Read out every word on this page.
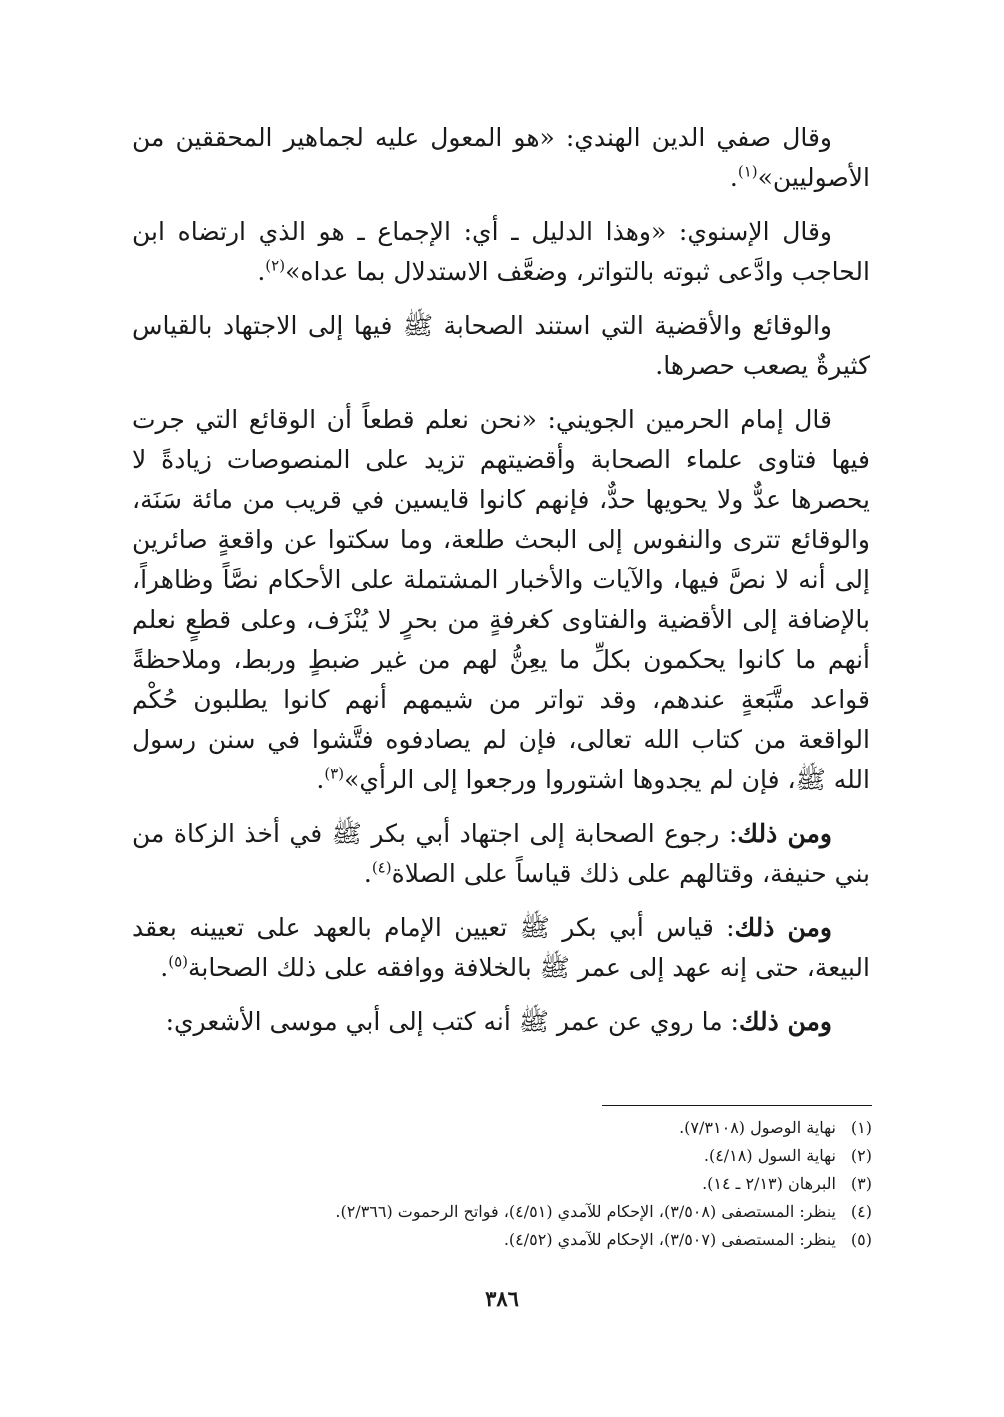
وقال صفي الدين الهندي: «هو المعول عليه لجماهير المحققين من الأصوليين»$^{(١)}$.

وقال الإسنوي: «وهذا الدليل ـ أي: الإجماع ـ هو الذي ارتضاه ابن الحاجب وادَّعى ثبوته بالتواتر، وضعَّف الاستدلال بما عداه»$^{(٢)}$.

والوقائع والأقضية التي استند الصحابة ﷺ فيها إلى الاجتهاد بالقياس كثيرةٌ يصعب حصرها.

قال إمام الحرمين الجويني: «نحن نعلم قطعاً أن الوقائع التي جرت فيها فتاوى علماء الصحابة وأقضيتهم تزيد على المنصوصات زيادةً لا يحصرها عدٌّ ولا يحويها حدٌّ، فإنهم كانوا قايسين في قريب من مائة سَنَة، والوقائع تترى والنفوس إلى البحث طلعة، وما سكتوا عن واقعةٍ صائرين إلى أنه لا نصَّ فيها، والآيات والأخبار المشتملة على الأحكام نصَّاً وظاهراً، بالإضافة إلى الأقضية والفتاوى كغرفةٍ من بحرٍ لا يُنْزَف، وعلى قطعٍ نعلم أنهم ما كانوا يحكمون بكلِّ ما يعِنُّ لهم من غير ضبطٍ وربط، وملاحظةً قواعد متَّبَعةٍ عندهم، وقد تواتر من شيمهم أنهم كانوا يطلبون حُكْم الواقعة من كتاب الله تعالى، فإن لم يصادفوه فتَّشوا في سنن رسول الله ﷺ، فإن لم يجدوها اشتوروا ورجعوا إلى الرأي»$^{(٣)}$.

ومن ذلك: رجوع الصحابة إلى اجتهاد أبي بكر ﷺ في أخذ الزكاة من بني حنيفة، وقتالهم على ذلك قياساً على الصلاة$^{(٤)}$.

ومن ذلك: قياس أبي بكر ﷺ تعيين الإمام بالعهد على تعيينه بعقد البيعة، حتى إنه عهد إلى عمر ﷺ بالخلافة ووافقه على ذلك الصحابة$^{(٥)}$.

ومن ذلك: ما روي عن عمر ﷺ أنه كتب إلى أبي موسى الأشعري:

(١)نهاية الوصول (٧/٣١٠٨).
(٢)نهاية السول (٤/١٨).
(٣)البرهان (٢/١٣ ـ ١٤).
(٤)ينظر: المستصفى (٣/٥٠٨)، الإحكام للآمدي (٤/٥١)، فواتح الرحموت (٢/٣٦٦).
(٥)ينظر: المستصفى (٣/٥٠٧)، الإحكام للآمدي (٤/٥٢).
٣٨٦
